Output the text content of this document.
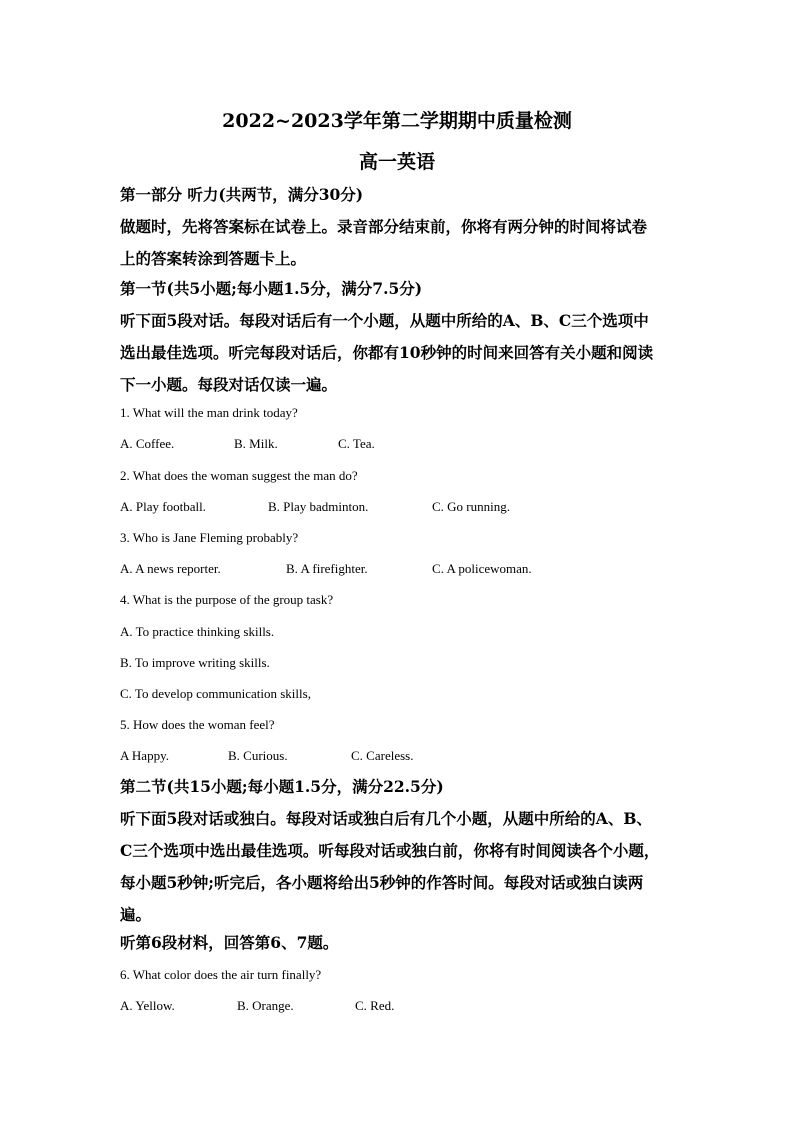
2022~2023学年第二学期期中质量检测
高一英语
第一部分 听力(共两节，满分30分)
做题时，先将答案标在试卷上。录音部分结束前，你将有两分钟的时间将试卷
上的答案转涂到答题卡上。
第一节(共5小题;每小题1.5分，满分7.5分)
听下面5段对话。每段对话后有一个小题，从题中所给的A、B、C三个选项中
选出最佳选项。听完每段对话后，你都有10秒钟的时间来回答有关小题和阅读
下一小题。每段对话仅读一遍。
1. What will the man drink today?
A. Coffee.	B. Milk.	C. Tea.
2. What does the woman suggest the man do?
A. Play football.	B. Play badminton.	C. Go running.
3. Who is Jane Fleming probably?
A. A news reporter.	B. A firefighter.	C. A policewoman.
4. What is the purpose of the group task?
A. To practice thinking skills.
B. To improve writing skills.
C. To develop communication skills,
5. How does the woman feel?
A Happy.	B. Curious.	C. Careless.
第二节(共15小题;每小题1.5分，满分22.5分)
听下面5段对话或独白。每段对话或独白后有几个小题，从题中所给的A、B、
C三个选项中选出最佳选项。听每段对话或独白前，你将有时间阅读各个小题，
每小题5秒钟;听完后，各小题将给出5秒钟的作答时间。每段对话或独白读两
遍。
听第6段材料，回答第6、7题。
6. What color does the air turn finally?
A. Yellow.	B. Orange.	C. Red.
